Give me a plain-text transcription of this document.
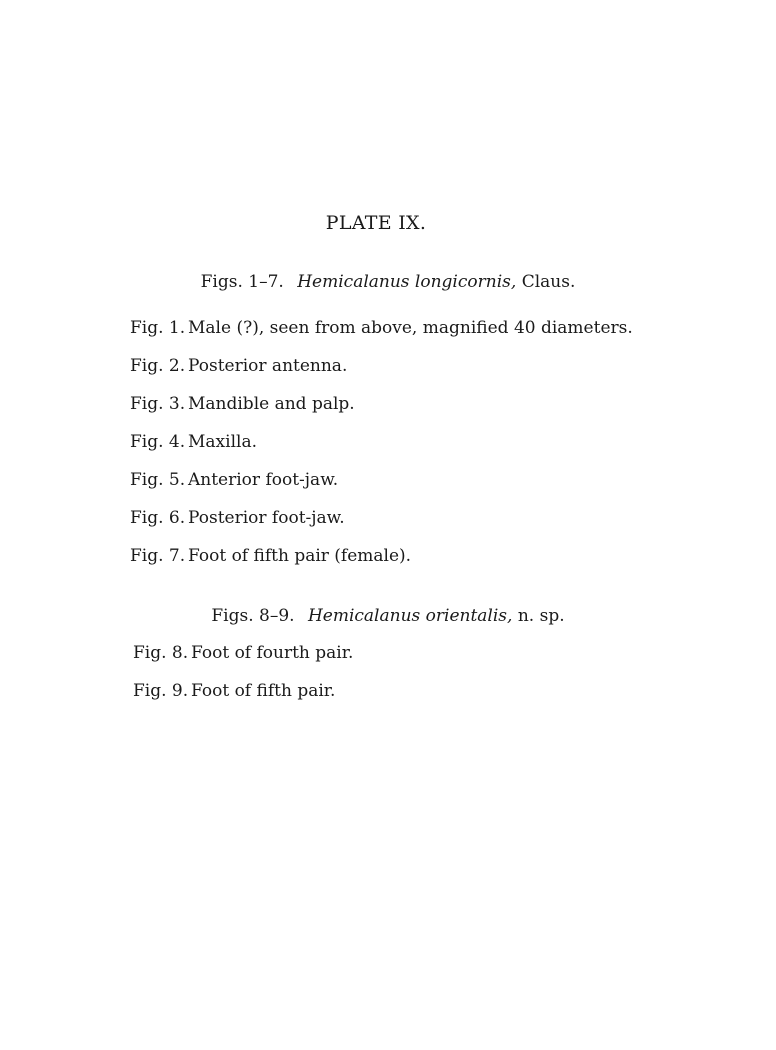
PLATE IX.
Figs. 1–7. Hemicalanus longicornis, Claus.
Fig. 1. Male (?), seen from above, magnified 40 diameters.
Fig. 2. Posterior antenna.
Fig. 3. Mandible and palp.
Fig. 4. Maxilla.
Fig. 5. Anterior foot-jaw.
Fig. 6. Posterior foot-jaw.
Fig. 7. Foot of fifth pair (female).
Figs. 8–9. Hemicalanus orientalis, n. sp.
Fig. 8. Foot of fourth pair.
Fig. 9. Foot of fifth pair.
